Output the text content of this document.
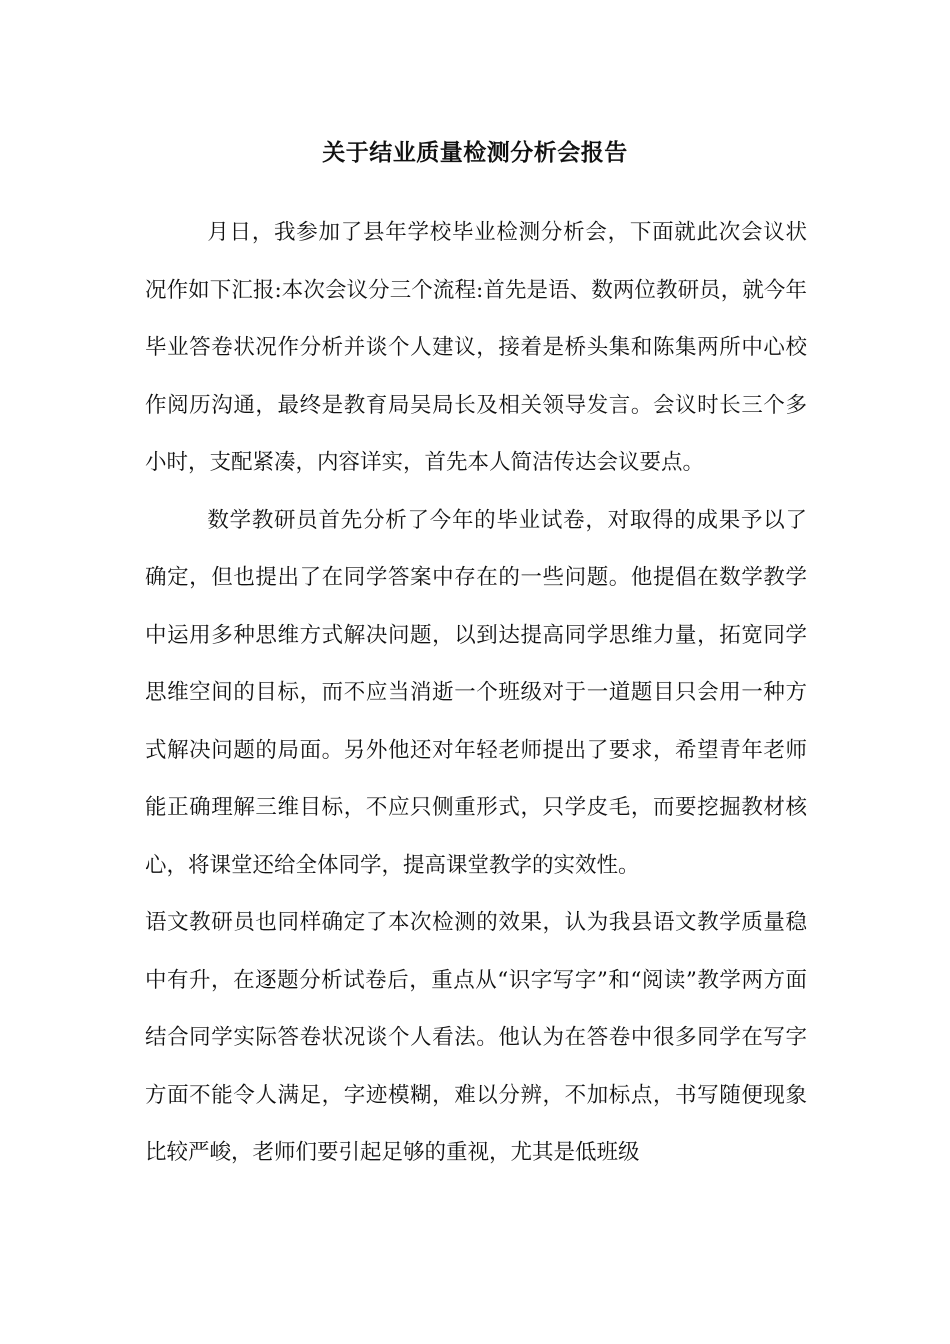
关于结业质量检测分析会报告

月日，我参加了县年学校毕业检测分析会，下面就此次会议状况作如下汇报:本次会议分三个流程:首先是语、数两位教研员，就今年毕业答卷状况作分析并谈个人建议，接着是桥头集和陈集两所中心校作阅历沟通，最终是教育局吴局长及相关领导发言。会议时长三个多小时，支配紧凑，内容详实，首先本人简洁传达会议要点。

数学教研员首先分析了今年的毕业试卷，对取得的成果予以了确定，但也提出了在同学答案中存在的一些问题。他提倡在数学教学中运用多种思维方式解决问题，以到达提高同学思维力量，拓宽同学思维空间的目标，而不应当消逝一个班级对于一道题目只会用一种方式解决问题的局面。另外他还对年轻老师提出了要求，希望青年老师能正确理解三维目标，不应只侧重形式，只学皮毛，而要挖掘教材核心，将课堂还给全体同学，提高课堂教学的实效性。

语文教研员也同样确定了本次检测的效果，认为我县语文教学质量稳中有升，在逐题分析试卷后，重点从“识字写字”和“阅读”教学两方面结合同学实际答卷状况谈个人看法。他认为在答卷中很多同学在写字方面不能令人满足，字迹模糊，难以分辨，不加标点，书写随便现象比较严峻，老师们要引起足够的重视，尤其是低班级
